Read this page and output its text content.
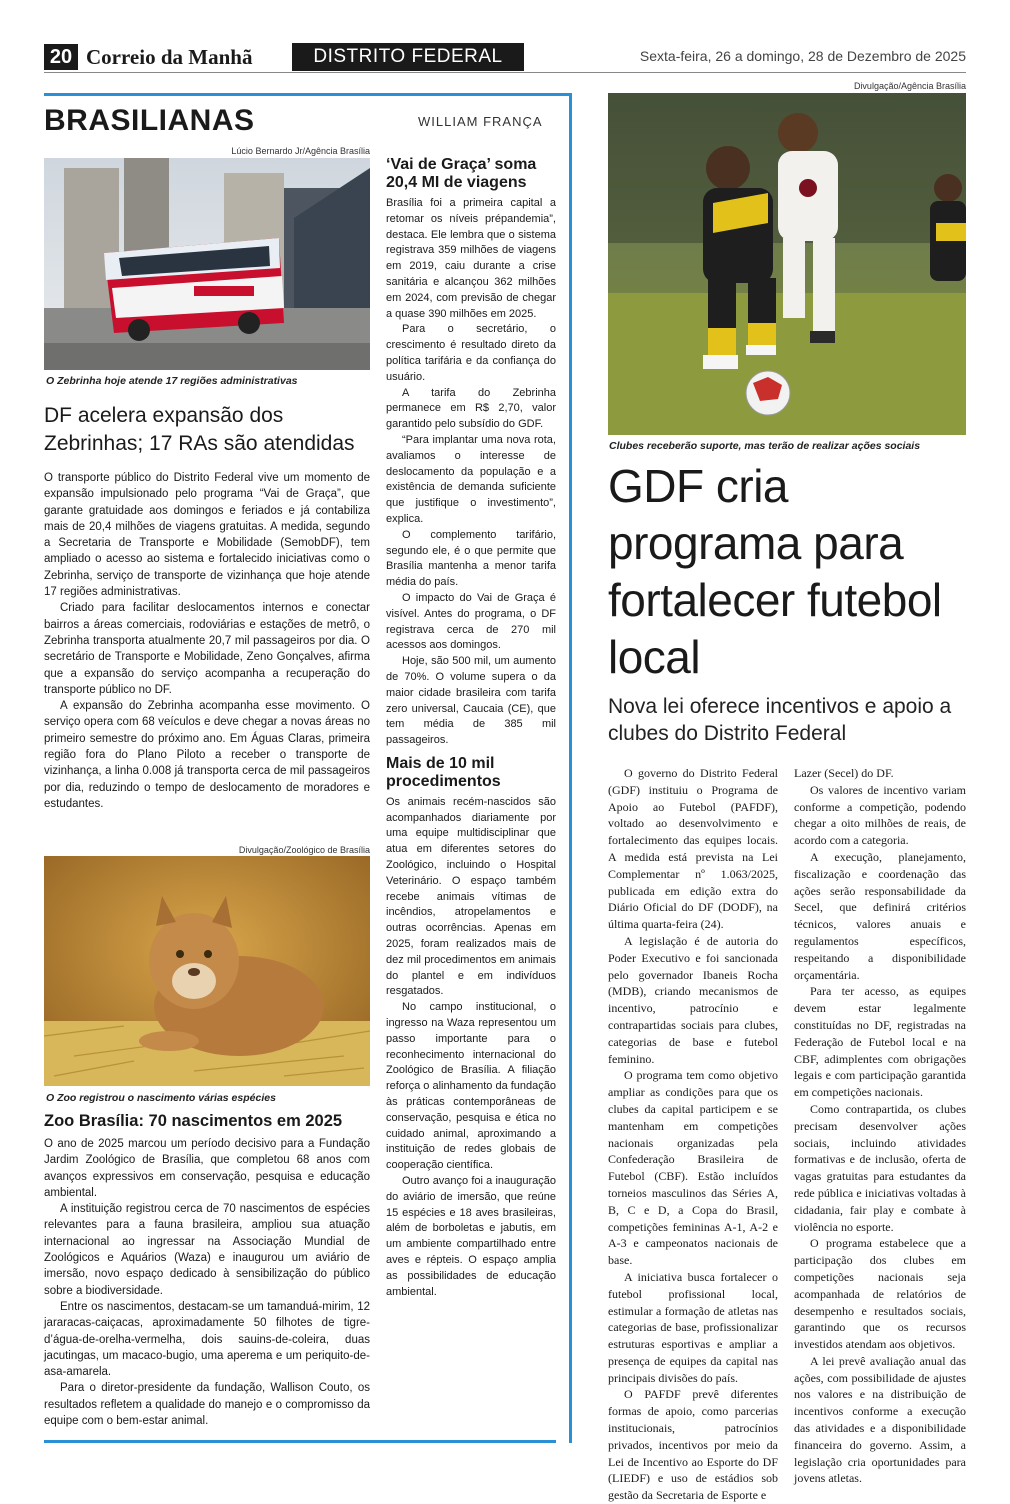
20 Correio da Manhã	DISTRITO FEDERAL	Sexta-feira, 26 a domingo, 28 de Dezembro de 2025
BRASILIANAS	WILLIAM FRANÇA
Lúcio Bernardo Jr/Agência Brasília
O Zebrinha hoje atende 17 regiões administrativas
DF acelera expansão dos Zebrinhas; 17 RAs são atendidas

O transporte público do Distrito Federal vive um momento de expansão impulsionado pelo programa “Vai de Graça”, que garante gratuidade aos domingos e feriados e já contabiliza mais de 20,4 milhões de viagens gratuitas. A medida, segundo a Secretaria de Transporte e Mobilidade (SemobDF), tem ampliado o acesso ao sistema e fortalecido iniciativas como o Zebrinha, serviço de transporte de vizinhança que hoje atende 17 regiões administrativas.

Criado para facilitar deslocamentos internos e conectar bairros a áreas comerciais, rodoviárias e estações de metrô, o Zebrinha transporta atualmente 20,7 mil passageiros por dia. O secretário de Transporte e Mobilidade, Zeno Gonçalves, afirma que a expansão do serviço acompanha a recuperação do transporte público no DF.

A expansão do Zebrinha acompanha esse movimento. O serviço opera com 68 veículos e deve chegar a novas áreas no primeiro semestre do próximo ano. Em Águas Claras, primeira região fora do Plano Piloto a receber o transporte de vizinhança, a linha 0.008 já transporta cerca de mil passageiros por dia, reduzindo o tempo de deslocamento de moradores e estudantes.

Divulgação/Zoológico de Brasília
O Zoo registrou o nascimento várias espécies
Zoo Brasília: 70 nascimentos em 2025

O ano de 2025 marcou um período decisivo para a Fundação Jardim Zoológico de Brasília, que completou 68 anos com avanços expressivos em conservação, pesquisa e educação ambiental.

A instituição registrou cerca de 70 nascimentos de espécies relevantes para a fauna brasileira, ampliou sua atuação internacional ao ingressar na Associação Mundial de Zoológicos e Aquários (Waza) e inaugurou um aviário de imersão, novo espaço dedicado à sensibilização do público sobre a biodiversidade.

Entre os nascimentos, destacam-se um tamanduá-mirim, 12 jararacas-caiçacas, aproximadamente 50 filhotes de tigre-d’água-de-orelha-vermelha, dois sauins-de-coleira, duas jacutingas, um macaco-bugio, uma aperema e um periquito-de-asa-amarela.

Para o diretor-presidente da fundação, Wallison Couto, os resultados refletem a qualidade do manejo e o compromisso da equipe com o bem-estar animal.

‘Vai de Graça’ soma 20,4 MI de viagens

Brasília foi a primeira capital a retomar os níveis prépandemia”, destaca. Ele lembra que o sistema registrava 359 milhões de viagens em 2019, caiu durante a crise sanitária e alcançou 362 milhões em 2024, com previsão de chegar a quase 390 milhões em 2025.

Para o secretário, o crescimento é resultado direto da política tarifária e da confiança do usuário.

A tarifa do Zebrinha permanece em R$ 2,70, valor garantido pelo subsídio do GDF.

“Para implantar uma nova rota, avaliamos o interesse de deslocamento da população e a existência de demanda suficiente que justifique o investimento”, explica.

O complemento tarifário, segundo ele, é o que permite que Brasília mantenha a menor tarifa média do país.

O impacto do Vai de Graça é visível. Antes do programa, o DF registrava cerca de 270 mil acessos aos domingos.

Hoje, são 500 mil, um aumento de 70%. O volume supera o da maior cidade brasileira com tarifa zero universal, Caucaia (CE), que tem média de 385 mil passageiros.

Mais de 10 mil procedimentos

Os animais recém-nascidos são acompanhados diariamente por uma equipe multidisciplinar que atua em diferentes setores do Zoológico, incluindo o Hospital Veterinário. O espaço também recebe animais vítimas de incêndios, atropelamentos e outras ocorrências. Apenas em 2025, foram realizados mais de dez mil procedimentos em animais do plantel e em indivíduos resgatados.

No campo institucional, o ingresso na Waza representou um passo importante para o reconhecimento internacional do Zoológico de Brasília. A filiação reforça o alinhamento da fundação às práticas contemporâneas de conservação, pesquisa e ética no cuidado animal, aproximando a instituição de redes globais de cooperação científica.

Outro avanço foi a inauguração do aviário de imersão, que reúne 15 espécies e 18 aves brasileiras, além de borboletas e jabutis, em um ambiente compartilhado entre aves e répteis. O espaço amplia as possibilidades de educação ambiental.

Divulgação/Agência Brasília
Clubes receberão suporte, mas terão de realizar ações sociais
GDF cria programa para fortalecer futebol local
Nova lei oferece incentivos e apoio a clubes do Distrito Federal

O governo do Distrito Federal (GDF) instituiu o Programa de Apoio ao Futebol (PAFDF), voltado ao desenvolvimento e fortalecimento das equipes locais. A medida está prevista na Lei Complementar nº 1.063/2025, publicada em edição extra do Diário Oficial do DF (DODF), na última quarta-feira (24).

A legislação é de autoria do Poder Executivo e foi sancionada pelo governador Ibaneis Rocha (MDB), criando mecanismos de incentivo, patrocínio e contrapartidas sociais para clubes, categorias de base e futebol feminino.

O programa tem como objetivo ampliar as condições para que os clubes da capital participem e se mantenham em competições nacionais organizadas pela Confederação Brasileira de Futebol (CBF). Estão incluídos torneios masculinos das Séries A, B, C e D, a Copa do Brasil, competições femininas A-1, A-2 e A-3 e campeonatos nacionais de base.

A iniciativa busca fortalecer o futebol profissional local, estimular a formação de atletas nas categorias de base, profissionalizar estruturas esportivas e ampliar a presença de equipes da capital nas principais divisões do país.

O PAFDF prevê diferentes formas de apoio, como parcerias institucionais, patrocínios privados, incentivos por meio da Lei de Incentivo ao Esporte do DF (LIEDF) e uso de estádios sob gestão da Secretaria de Esporte e

Lazer (Secel) do DF.

Os valores de incentivo variam conforme a competição, podendo chegar a oito milhões de reais, de acordo com a categoria.

A execução, planejamento, fiscalização e coordenação das ações serão responsabilidade da Secel, que definirá critérios técnicos, valores anuais e regulamentos específicos, respeitando a disponibilidade orçamentária.

Para ter acesso, as equipes devem estar legalmente constituídas no DF, registradas na Federação de Futebol local e na CBF, adimplentes com obrigações legais e com participação garantida em competições nacionais.

Como contrapartida, os clubes precisam desenvolver ações sociais, incluindo atividades formativas e de inclusão, oferta de vagas gratuitas para estudantes da rede pública e iniciativas voltadas à cidadania, fair play e combate à violência no esporte.

O programa estabelece que a participação dos clubes em competições nacionais seja acompanhada de relatórios de desempenho e resultados sociais, garantindo que os recursos investidos atendam aos objetivos.

A lei prevê avaliação anual das ações, com possibilidade de ajustes nos valores e na distribuição de incentivos conforme a execução das atividades e a disponibilidade financeira do governo. Assim, a legislação cria oportunidades para jovens atletas.
